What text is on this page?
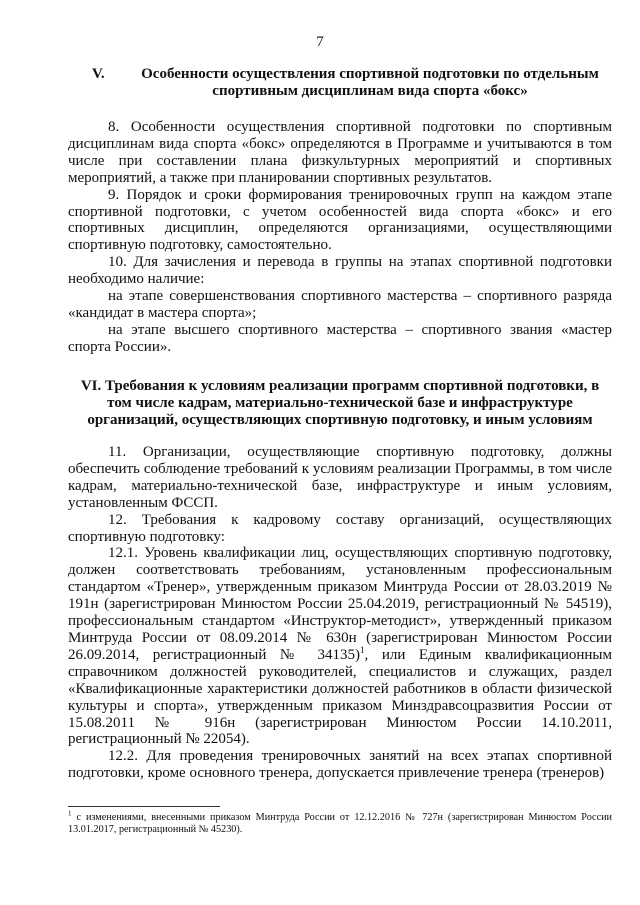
7
V.	Особенности осуществления спортивной подготовки по отдельным спортивным дисциплинам вида спорта «бокс»

8. Особенности осуществления спортивной подготовки по спортивным дисциплинам вида спорта «бокс» определяются в Программе и учитываются в том числе при составлении плана физкультурных мероприятий и спортивных мероприятий, а также при планировании спортивных результатов.

9. Порядок и сроки формирования тренировочных групп на каждом этапе спортивной подготовки, с учетом особенностей вида спорта «бокс» и его спортивных дисциплин, определяются организациями, осуществляющими спортивную подготовку, самостоятельно.

10. Для зачисления и перевода в группы на этапах спортивной подготовки необходимо наличие:

на этапе совершенствования спортивного мастерства – спортивного разряда «кандидат в мастера спорта»;

на этапе высшего спортивного мастерства – спортивного звания «мастер спорта России».

VI. Требования к условиям реализации программ спортивной подготовки, в том числе кадрам, материально-технической базе и инфраструктуре организаций, осуществляющих спортивную подготовку, и иным условиям

11. Организации, осуществляющие спортивную подготовку, должны обеспечить соблюдение требований к условиям реализации Программы, в том числе кадрам, материально-технической базе, инфраструктуре и иным условиям, установленным ФССП.

12. Требования к кадровому составу организаций, осуществляющих спортивную подготовку:

12.1. Уровень квалификации лиц, осуществляющих спортивную подготовку, должен соответствовать требованиям, установленным профессиональным стандартом «Тренер», утвержденным приказом Минтруда России от 28.03.2019 № 191н (зарегистрирован Минюстом России 25.04.2019, регистрационный № 54519), профессиональным стандартом «Инструктор-методист», утвержденный приказом Минтруда России от 08.09.2014 № 630н (зарегистрирован Минюстом России 26.09.2014, регистрационный № 34135)$^1$, или Единым квалификационным справочником должностей руководителей, специалистов и служащих, раздел «Квалификационные характеристики должностей работников в области физической культуры и спорта», утвержденным приказом Минздравсоцразвития России от 15.08.2011 № 916н (зарегистрирован Минюстом России 14.10.2011, регистрационный № 22054).

12.2. Для проведения тренировочных занятий на всех этапах спортивной подготовки, кроме основного тренера, допускается привлечение тренера (тренеров)

$^1$ с изменениями, внесенными приказом Минтруда России от 12.12.2016 № 727н (зарегистрирован Минюстом России 13.01.2017, регистрационный № 45230).
